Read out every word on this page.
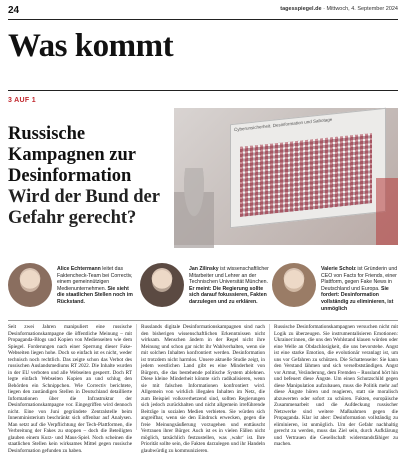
24	tagesspiegel.de · Mittwoch, 4. September 2024
Was kommt
3 AUF 1
Russische Kampagnen zur Desinformation
Wird der Bund der Gefahr gerecht?
Cyberunsicherheit. Desinformation und Sabotage
Alice Echtermann leitet das Faktencheck-Team bei Correctiv, einem gemeinnützigen Medienunternehmen. Sie sieht die staatlichen Stellen noch im Rückstand.
Jan Zilinsky ist wissenschaftlicher Mitarbeiter und Lehrer an der Technischen Universität München. Er meint: Die Regierung sollte sich darauf fokussieren, Fakten darzulegen und zu erklären.
Valerie Scholz ist Gründerin und CEO von Facts for Friends, einer Plattform, gegen Fake News in Deutschland und Europa. Sie fordert: Desinformation vollständig zu eliminieren, ist unmöglich
Seit zwei Jahren manipuliert eine russische Desinformationskampagne die öffentliche Meinung – mit Propaganda-Blogs und Kopien von Medienseiten wie dem Spiegel. Forderungen nach einer Sperrung dieser Fake-Webseiten liegen hohe. Doch so einfach ist es nicht, weder technisch noch rechtlich. Das zeigte schon das Verbot des russischen Auslandsmediums RT 2022. Die Inhalte wurden in der EU verboten und alle Webseiten gesperrt. Doch RT legte einfach Webseiten Kopien an und schlug den Behörden ein Schnippchen. Wie Correctiv berichtete, liegen den zuständigen Stellen in Deutschland detaillierte Informationen über die Infrastruktur der Desinformationskampagne vor. Eingegriffen wird dennoch nicht. Eine von Juni gegründete Zentralstelle beim Innenministerium beschränkt sich offenbar auf Analysen. Man setzt auf die Verpflichtung der Tech-Plattformen, die Verbreitung der Fakes zu stoppen – doch die Beteiligten glauben einem Kurz- und Maus-Spiel. Noch scheinen die staatlichen Stellen kein wirksames Mittel gegen russische Desinformation gefunden zu haben.
Russlands digitale Desinformationskampagnen sind nach den bisherigen wissenschaftlichen Erkenntnissen nicht wirksam. Menschen ändern in der Regel nicht ihre Meinung und schon gar nicht ihr Wahlverhalten, wenn sie mit solchen Inhalten konfrontiert werden. Desinformation ist trotzdem nicht harmlos. Unsere aktuelle Studie zeigt, in jedem westlichen Land gibt es eine Minderheit von Bürgern, die das bestehende politische System ablehnen. Diese kleine Minderheit könnte sich radikalisieren, wenn sie mit falschen Informationen konfrontiert wird. Allgemein von wirklich illegalen Inhalten im Netz, die zum Beispiel volksverhetzend sind, sollten Regierungen sich jedoch zurückhalten und nicht allgemein irreführende Beiträge in sozialen Medien verbieten. Sie würden sich angreifbar, wenn sie den Eindruck erwecken, gegen die freie Meinungsäußerung vorzugehen und enttäuscht Vertrauen ihrer Bürger. Auch ist es in vielen Fällen nicht möglich, tatsächlich festzustellen, was ‚wahr‘ ist. Ihre Priorität sollte sein, die Fakten darzulegen und ihr Handeln glaubwürdig zu kommunizieren.
Russische Desinformationskampagnen versuchen nicht mit Logik zu überzeugen. Sie instrumentalisieren Emotionen: Ukrainer:innen, die uns den Wohlstand klauen würden oder eine Welle an Obdachlosigkeit, die uns bevorstehe. Angst ist eine starke Emotion, die evolutionär veranlagt ist, um uns vor Gefahren zu schützen. Die Schattenseite: Sie kann den Verstand lähmen und sich verselbstständigen. Angst vor Armut, Veränderung, dem Fremden – Russland hört hin und befeuert diese Ängste. Um einen Schutzschild gegen diese Manipulation aufzubauen, muss die Politik mehr auf diese Ängste hören und reagieren, statt sie moralisch abzuwerten oder sofort zu schüren. Fakten, europäische Zusammenarbeit und die Aufdeckung russischer Netzwerke sind weitere Maßnahmen gegen die Propaganda. Klar ist aber: Desinformation vollständig zu eliminieren, ist unmöglich. Um der Gefahr nachhaltig gerecht zu werden, muss das Ziel sein, durch Aufklärung und Vertrauen die Gesellschaft widerstandsfähiger zu machen.
